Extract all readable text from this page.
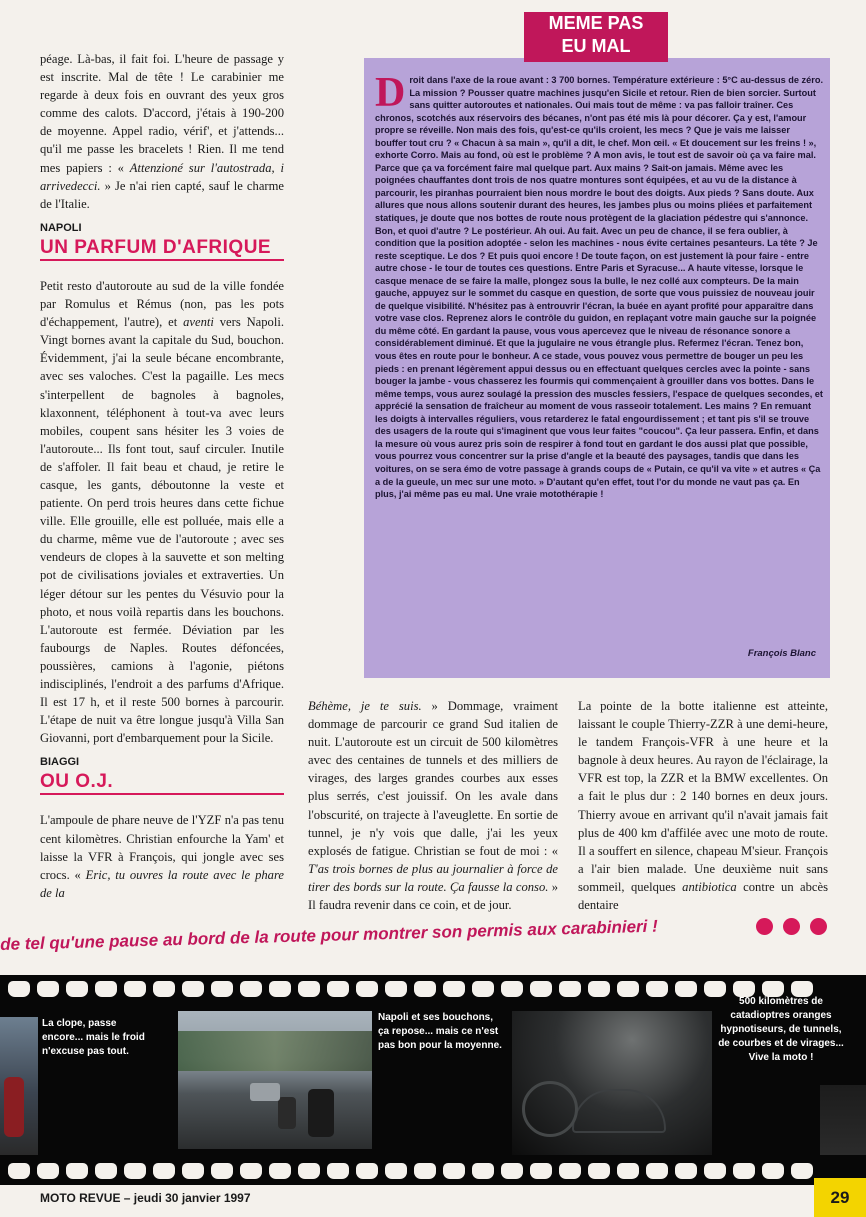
péage. Là-bas, il fait foi. L'heure de passage y est inscrite. Mal de tête ! Le carabinier me regarde à deux fois en ouvrant des yeux gros comme des calots. D'accord, j'étais à 190-200 de moyenne. Appel radio, vérif', et j'attends... qu'il me passe les bracelets ! Rien. Il me tend mes papiers : « Attenzioné sur l'autostrada, i arrivedecci. » Je n'ai rien capté, sauf le charme de l'Italie.

NAPOLI
UN PARFUM D'AFRIQUE

Petit resto d'autoroute au sud de la ville fondée par Romulus et Rémus (non, pas les pots d'échappement, l'autre), et aventi vers Napoli. Vingt bornes avant la capitale du Sud, bouchon. Évidemment, j'ai la seule bécane encombrante, avec ses valoches. C'est la pagaille. Les mecs s'interpellent de bagnoles à bagnoles, klaxonnent, téléphonent à tout-va avec leurs mobiles, coupent sans hésiter les 3 voies de l'autoroute... Ils font tout, sauf circuler. Inutile de s'affoler. Il fait beau et chaud, je retire le casque, les gants, déboutonne la veste et patiente. On perd trois heures dans cette fichue ville. Elle grouille, elle est polluée, mais elle a du charme, même vue de l'autoroute ; avec ses vendeurs de clopes à la sauvette et son melting pot de civilisations joviales et extraverties. Un léger détour sur les pentes du Vésuvio pour la photo, et nous voilà repartis dans les bouchons. L'autoroute est fermée. Déviation par les faubourgs de Naples. Routes défoncées, poussières, camions à l'agonie, piétons indisciplinés, l'endroit a des parfums d'Afrique. Il est 17 h, et il reste 500 bornes à parcourir. L'étape de nuit va être longue jusqu'à Villa San Giovanni, port d'embarquement pour la Sicile.

BIAGGI
OU O.J.

L'ampoule de phare neuve de l'YZF n'a pas tenu cent kilomètres. Christian enfourche la Yam' et laisse la VFR à François, qui jongle avec ses crocs. « Eric, tu ouvres la route avec le phare de la

MEME PAS
EU MAL
Droit dans l'axe de la roue avant : 3 700 bornes. Température extérieure : 5°C au-dessus de zéro. La mission ? Pousser quatre machines jusqu'en Sicile et retour. Rien de bien sorcier. Surtout sans quitter autoroutes et nationales. Oui mais tout de même : va pas falloir traîner. Ces chronos, scotchés aux réservoirs des bécanes, n'ont pas été mis là pour décorer. Ça y est, l'amour propre se réveille. Non mais des fois, qu'est-ce qu'ils croient, les mecs ? Que je vais me laisser bouffer tout cru ? « Chacun à sa main », qu'il a dit, le chef. Mon œil. « Et doucement sur les freins ! », exhorte Corro. Mais au fond, où est le problème ? A mon avis, le tout est de savoir où ça va faire mal. Parce que ça va forcément faire mal quelque part. Aux mains ? Sait-on jamais. Même avec les poignées chauffantes dont trois de nos quatre montures sont équipées, et au vu de la distance à parcourir, les piranhas pourraient bien nous mordre le bout des doigts. Aux pieds ? Sans doute. Aux allures que nous allons soutenir durant des heures, les jambes plus ou moins pliées et parfaitement statiques, je doute que nos bottes de route nous protègent de la glaciation pédestre qui s'annonce. Bon, et quoi d'autre ? Le postérieur. Ah oui. Au fait. Avec un peu de chance, il se fera oublier, à condition que la position adoptée - selon les machines - nous évite certaines pesanteurs. La tête ? Je reste sceptique. Le dos ? Et puis quoi encore ! De toute façon, on est justement là pour faire - entre autre chose - le tour de toutes ces questions. Entre Paris et Syracuse... A haute vitesse, lorsque le casque menace de se faire la malle, plongez sous la bulle, le nez collé aux compteurs. De la main gauche, appuyez sur le sommet du casque en question, de sorte que vous puissiez de nouveau jouir de quelque visibilité. N'hésitez pas à entrouvrir l'écran, la buée en ayant profité pour apparaître dans votre vase clos. Reprenez alors le contrôle du guidon, en replaçant votre main gauche sur la poignée du même côté. En gardant la pause, vous vous apercevez que le niveau de résonance sonore a considérablement diminué. Et que la jugulaire ne vous étrangle plus. Refermez l'écran. Tenez bon, vous êtes en route pour le bonheur. A ce stade, vous pouvez vous permettre de bouger un peu les pieds : en prenant légèrement appui dessus ou en effectuant quelques cercles avec la pointe - sans bouger la jambe - vous chasserez les fourmis qui commençaient à grouiller dans vos bottes. Dans le même temps, vous aurez soulagé la pression des muscles fessiers, l'espace de quelques secondes, et apprécié la sensation de fraîcheur au moment de vous rasseoir totalement. Les mains ? En remuant les doigts à intervalles réguliers, vous retarderez le fatal engourdissement ; et tant pis s'il se trouve des usagers de la route qui s'imaginent que vous leur faites "coucou". Ça leur passera. Enfin, et dans la mesure où vous aurez pris soin de respirer à fond tout en gardant le dos aussi plat que possible, vous pourrez vous concentrer sur la prise d'angle et la beauté des paysages, tandis que dans les voitures, on se sera émo de votre passage à grands coups de « Putain, ce qu'il va vite » et autres « Ça a de la gueule, un mec sur une moto. » D'autant qu'en effet, tout l'or du monde ne vaut pas ça. En plus, j'ai même pas eu mal. Une vraie motothérapie !
François Blanc

Béhème, je te suis. » Dommage, vraiment dommage de parcourir ce grand Sud italien de nuit. L'autoroute est un circuit de 500 kilomètres avec des centaines de tunnels et des milliers de virages, des larges grandes courbes aux esses plus serrés, c'est jouissif. On les avale dans l'obscurité, on trajecte à l'aveuglette. En sortie de tunnel, je n'y vois que dalle, j'ai les yeux explosés de fatigue. Christian se fout de moi : « T'as trois bornes de plus au journalier à force de tirer des bords sur la route. Ça fausse la conso. » Il faudra revenir dans ce coin, et de jour.

La pointe de la botte italienne est atteinte, laissant le couple Thierry-ZZR à une demi-heure, le tandem François-VFR à une heure et la bagnole à deux heures. Au rayon de l'éclairage, la VFR est top, la ZZR et la BMW excellentes. On a fait le plus dur : 2 140 bornes en deux jours. Thierry avoue en arrivant qu'il n'avait jamais fait plus de 400 km d'affilée avec une moto de route. Il a souffert en silence, chapeau M'sieur. François a l'air bien malade. Une deuxième nuit sans sommeil, quelques antibiotica contre un abcès dentaire

de tel qu'une pause au bord de la route pour montrer son permis aux carabinieri !
La clope, passe encore... mais le froid n'excuse pas tout.
Napoli et ses bouchons, ça repose... mais ce n'est pas bon pour la moyenne.
500 kilomètres de catadioptres oranges hypnotiseurs, de tunnels, de courbes et de virages... Vive la moto !
MOTO REVUE – jeudi 30 janvier 1997	29
